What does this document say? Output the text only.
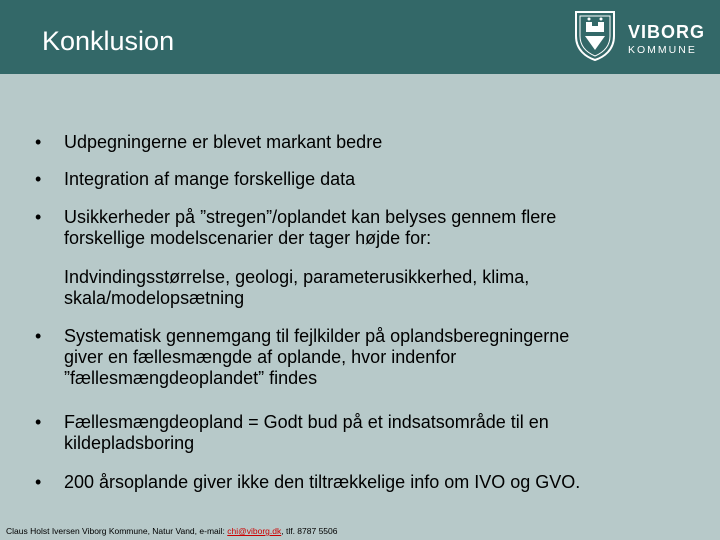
Konklusion	VIBORG
KOMMUNE
•	Udpegningerne er blevet markant bedre
•	Integration af mange forskellige data
•	Usikkerheder på ”stregen”/oplandet kan belyses gennem flere
forskellige modelscenarier der tager højde for:
Indvindingsstørrelse, geologi, parameterusikkerhed, klima,
skala/modelopsætning
•	Systematisk gennemgang til fejlkilder på oplandsberegningerne
giver en fællesmængde af oplande, hvor indenfor
”fællesmængdeoplandet” findes
•	Fællesmængdeopland = Godt bud på et indsatsområde til en
kildepladsboring
•	200 årsoplande giver ikke den tiltrækkelige info om IVO og GVO.
Claus Holst Iversen Viborg Kommune, Natur Vand, e-mail: chi@viborg.dk, tlf. 8787 5506
